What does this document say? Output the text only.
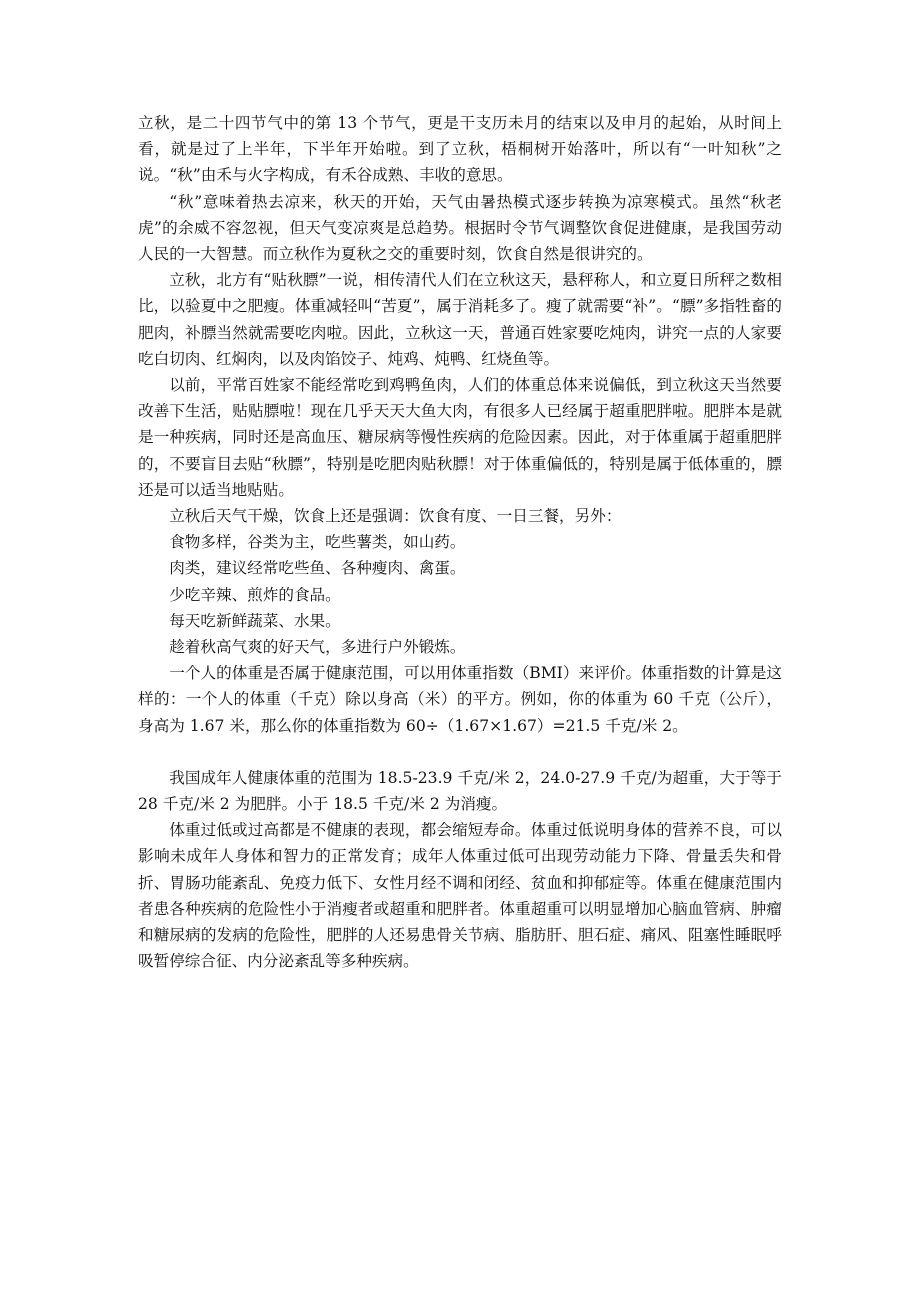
立秋，是二十四节气中的第 13 个节气，更是干支历未月的结束以及申月的起始，从时间上看，就是过了上半年，下半年开始啦。到了立秋，梧桐树开始落叶，所以有“一叶知秋”之说。“秋”由禾与火字构成，有禾谷成熟、丰收的意思。

“秋”意味着热去凉来，秋天的开始，天气由暑热模式逐步转换为凉寒模式。虽然“秋老虎”的余威不容忽视，但天气变凉爽是总趋势。根据时令节气调整饮食促进健康，是我国劳动人民的一大智慧。而立秋作为夏秋之交的重要时刻，饮食自然是很讲究的。

立秋，北方有“贴秋膘”一说，相传清代人们在立秋这天，悬秤称人，和立夏日所秤之数相比，以验夏中之肥瘦。体重减轻叫“苦夏”，属于消耗多了。瘦了就需要“补”。“膘”多指牲畜的肥肉，补膘当然就需要吃肉啦。因此，立秋这一天，普通百姓家要吃炖肉，讲究一点的人家要吃白切肉、红焖肉，以及肉馅饺子、炖鸡、炖鸭、红烧鱼等。

以前，平常百姓家不能经常吃到鸡鸭鱼肉，人们的体重总体来说偏低，到立秋这天当然要改善下生活，贴贴膘啦！现在几乎天天大鱼大肉，有很多人已经属于超重肥胖啦。肥胖本是就是一种疾病，同时还是高血压、糖尿病等慢性疾病的危险因素。因此，对于体重属于超重肥胖的，不要盲目去贴“秋膘”，特别是吃肥肉贴秋膘！对于体重偏低的，特别是属于低体重的，膘还是可以适当地贴贴。

立秋后天气干燥，饮食上还是强调：饮食有度、一日三餐，另外：

食物多样，谷类为主，吃些薯类，如山药。

肉类，建议经常吃些鱼、各种瘦肉、禽蛋。

少吃辛辣、煎炸的食品。

每天吃新鲜蔬菜、水果。

趁着秋高气爽的好天气，多进行户外锻炼。

一个人的体重是否属于健康范围，可以用体重指数（BMI）来评价。体重指数的计算是这样的：一个人的体重（千克）除以身高（米）的平方。例如，你的体重为 60 千克（公斤），身高为 1.67 米，那么你的体重指数为 60÷（1.67×1.67）=21.5 千克/米 2。

我国成年人健康体重的范围为 18.5-23.9 千克/米 2，24.0-27.9 千克/为超重，大于等于 28 千克/米 2 为肥胖。小于 18.5 千克/米 2 为消瘦。

体重过低或过高都是不健康的表现，都会缩短寿命。体重过低说明身体的营养不良，可以影响未成年人身体和智力的正常发育；成年人体重过低可出现劳动能力下降、骨量丢失和骨折、胃肠功能紊乱、免疫力低下、女性月经不调和闭经、贫血和抑郁症等。体重在健康范围内者患各种疾病的危险性小于消瘦者或超重和肥胖者。体重超重可以明显增加心脑血管病、肿瘤和糖尿病的发病的危险性，肥胖的人还易患骨关节病、脂肪肝、胆石症、痛风、阻塞性睡眠呼吸暂停综合征、内分泌紊乱等多种疾病。
